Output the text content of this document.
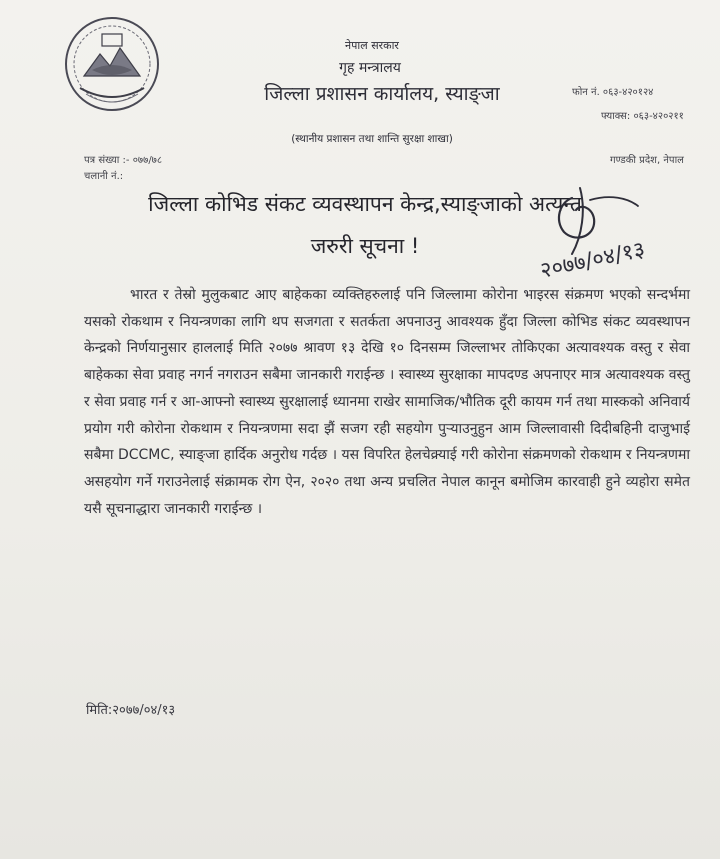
नेपाल सरकार
गृह मन्त्रालय
जिल्ला प्रशासन कार्यालय, स्याङ्जा
(स्थानीय प्रशासन तथा शान्ति सुरक्षा शाखा)
फोन नं. ०६३-४२०१२४
फ्याक्स: ०६३-४२०२११
गण्डकी प्रदेश, नेपाल
पत्र संख्या :- ०७७/७८
चलानी नं.:
जिल्ला कोभिड संकट व्यवस्थापन केन्द्र,स्याङ्जाको अत्यन्त
जरुरी सूचना !	२०७७/०४/१३
भारत र तेस्रो मुलुकबाट आए बाहेकका व्यक्तिहरुलाई पनि जिल्लामा कोरोना भाइरस संक्रमण भएको सन्दर्भमा यसको रोकथाम र नियन्त्रणका लागि थप सजगता र सतर्कता अपनाउनु आवश्यक हुँदा जिल्ला कोभिड संकट व्यवस्थापन केन्द्रको निर्णयानुसार हाललाई मिति २०७७ श्रावण १३ देखि १० दिनसम्म जिल्लाभर तोकिएका अत्यावश्यक वस्तु र सेवा बाहेकका सेवा प्रवाह नगर्न नगराउन सबैमा जानकारी गराईन्छ । स्वास्थ्य सुरक्षाका मापदण्ड अपनाएर मात्र अत्यावश्यक वस्तु र सेवा प्रवाह गर्न र आ-आफ्नो स्वास्थ्य सुरक्षालाई ध्यानमा राखेर सामाजिक/भौतिक दूरी कायम गर्न तथा मास्कको अनिवार्य प्रयोग गरी कोरोना रोकथाम र नियन्त्रणमा सदा झैं सजग रही सहयोग पुऱ्याउनुहुन आम जिल्लावासी दिदीबहिनी दाजुभाई सबैमा DCCMC, स्याङ्जा हार्दिक अनुरोध गर्दछ । यस विपरित हेलचेक्र्याई गरी कोरोना संक्रमणको रोकथाम र नियन्त्रणमा असहयोग गर्ने गराउनेलाई संक्रामक रोग ऐन, २०२० तथा अन्य प्रचलित नेपाल कानून बमोजिम कारवाही हुने व्यहोरा समेत यसै सूचनाद्धारा जानकारी गराईन्छ ।
मिति:२०७७/०४/१३
